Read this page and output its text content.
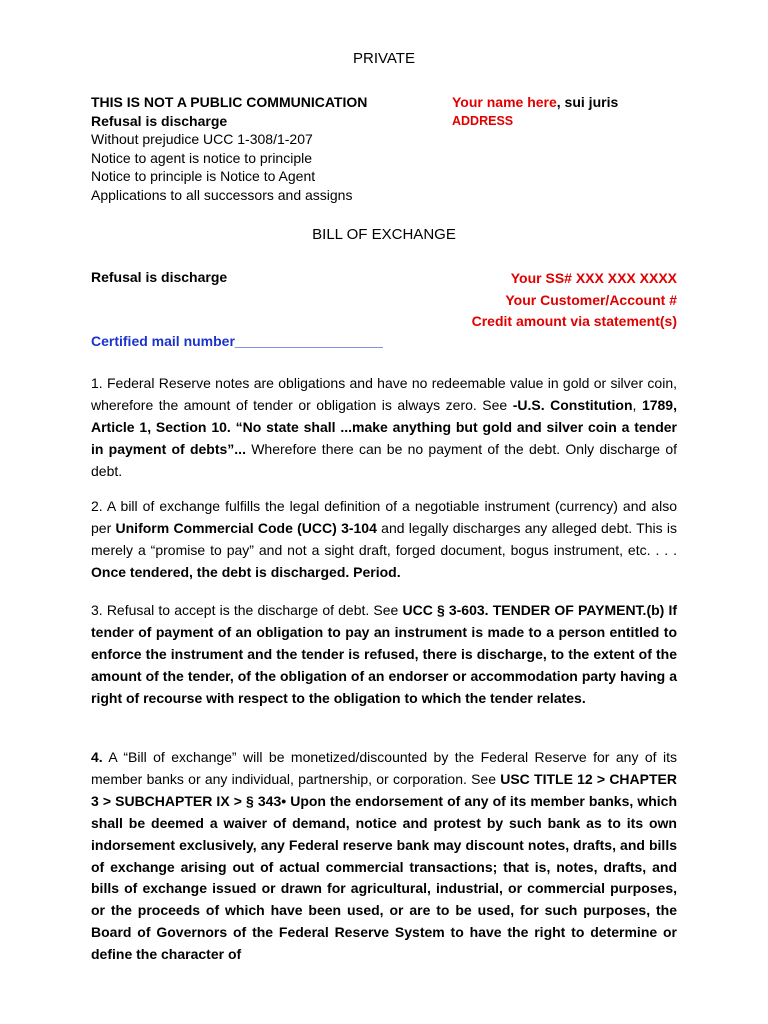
PRIVATE
THIS IS NOT A PUBLIC COMMUNICATION
Refusal is discharge
Without prejudice UCC 1-308/1-207
Notice to agent is notice to principle
Notice to principle is Notice to Agent
Applications to all successors and assigns
Your name here, sui juris
ADDRESS
BILL OF EXCHANGE
Refusal is discharge	Your SS# XXX XXX XXXX
Your Customer/Account #
Credit amount via statement(s)
Certified mail number___________________

1. Federal Reserve notes are obligations and have no redeemable value in gold or silver coin, wherefore the amount of tender or obligation is always zero. See -U.S. Constitution, 1789, Article 1, Section 10. “No state shall ...make anything but gold and silver coin a tender in payment of debts”... Wherefore there can be no payment of the debt. Only discharge of debt.

2. A bill of exchange fulfills the legal definition of a negotiable instrument (currency) and also per Uniform Commercial Code (UCC) 3-104 and legally discharges any alleged debt. This is merely a “promise to pay” and not a sight draft, forged document, bogus instrument, etc. . . . Once tendered, the debt is discharged. Period.

3. Refusal to accept is the discharge of debt. See UCC § 3-603. TENDER OF PAYMENT.(b) If tender of payment of an obligation to pay an instrument is made to a person entitled to enforce the instrument and the tender is refused, there is discharge, to the extent of the amount of the tender, of the obligation of an endorser or accommodation party having a right of recourse with respect to the obligation to which the tender relates.

4. A “Bill of exchange” will be monetized/discounted by the Federal Reserve for any of its member banks or any individual, partnership, or corporation. See USC TITLE 12 > CHAPTER 3 > SUBCHAPTER IX > § 343• Upon the endorsement of any of its member banks, which shall be deemed a waiver of demand, notice and protest by such bank as to its own indorsement exclusively, any Federal reserve bank may discount notes, drafts, and bills of exchange arising out of actual commercial transactions; that is, notes, drafts, and bills of exchange issued or drawn for agricultural, industrial, or commercial purposes, or the proceeds of which have been used, or are to be used, for such purposes, the Board of Governors of the Federal Reserve System to have the right to determine or define the character of
